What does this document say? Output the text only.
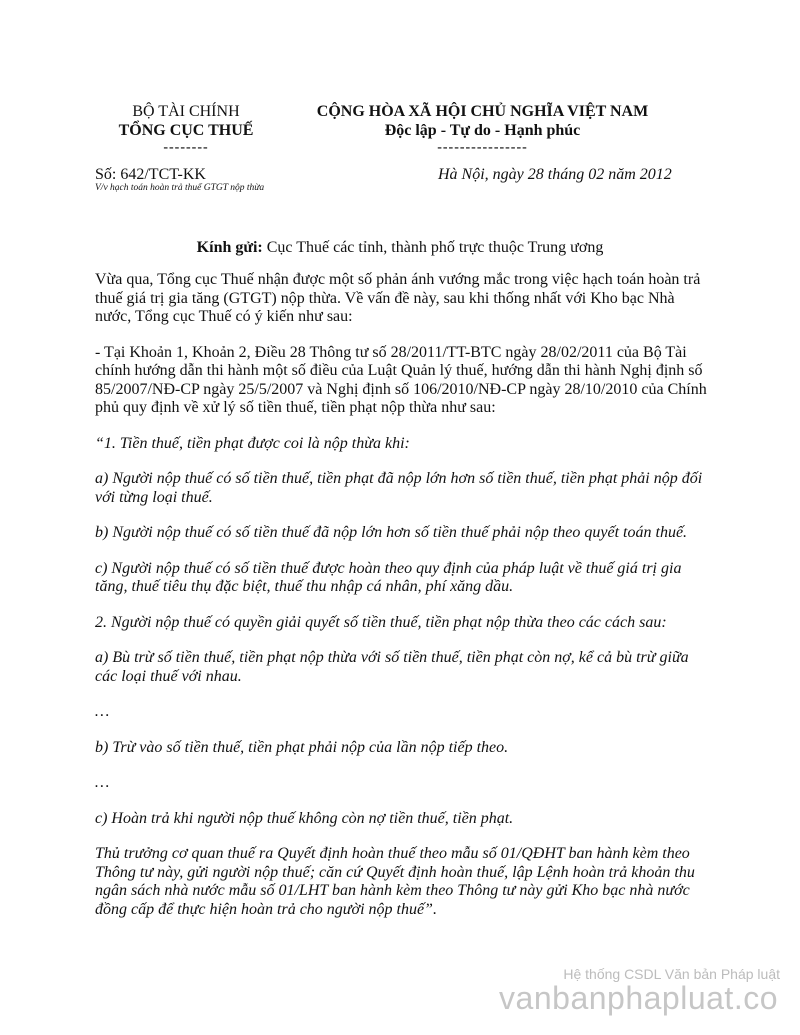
BỘ TÀI CHÍNH
TỔNG CỤC THUẾ
--------
CỘNG HÒA XÃ HỘI CHỦ NGHĨA VIỆT NAM
Độc lập - Tự do - Hạnh phúc
----------------
Số: 642/TCT-KK
V/v hạch toán hoàn trả thuế GTGT nộp thừa
Hà Nội, ngày 28 tháng 02 năm 2012
Kính gửi: Cục Thuế các tỉnh, thành phố trực thuộc Trung ương

Vừa qua, Tổng cục Thuế nhận được một số phản ánh vướng mắc trong việc hạch toán hoàn trả thuế giá trị gia tăng (GTGT) nộp thừa. Về vấn đề này, sau khi thống nhất với Kho bạc Nhà nước, Tổng cục Thuế có ý kiến như sau:

- Tại Khoản 1, Khoản 2, Điều 28 Thông tư số 28/2011/TT-BTC ngày 28/02/2011 của Bộ Tài chính hướng dẫn thi hành một số điều của Luật Quản lý thuế, hướng dẫn thi hành Nghị định số 85/2007/NĐ-CP ngày 25/5/2007 và Nghị định số 106/2010/NĐ-CP ngày 28/10/2010 của Chính phủ quy định về xử lý số tiền thuế, tiền phạt nộp thừa như sau:

“1. Tiền thuế, tiền phạt được coi là nộp thừa khi:

a) Người nộp thuế có số tiền thuế, tiền phạt đã nộp lớn hơn số tiền thuế, tiền phạt phải nộp đối với từng loại thuế.

b) Người nộp thuế có số tiền thuế đã nộp lớn hơn số tiền thuế phải nộp theo quyết toán thuế.

c) Người nộp thuế có số tiền thuế được hoàn theo quy định của pháp luật về thuế giá trị gia tăng, thuế tiêu thụ đặc biệt, thuế thu nhập cá nhân, phí xăng dầu.

2. Người nộp thuế có quyền giải quyết số tiền thuế, tiền phạt nộp thừa theo các cách sau:

a) Bù trừ số tiền thuế, tiền phạt nộp thừa với số tiền thuế, tiền phạt còn nợ, kể cả bù trừ giữa các loại thuế với nhau.

…

b) Trừ vào số tiền thuế, tiền phạt phải nộp của lần nộp tiếp theo.

…

c) Hoàn trả khi người nộp thuế không còn nợ tiền thuế, tiền phạt.

Thủ trưởng cơ quan thuế ra Quyết định hoàn thuế theo mẫu số 01/QĐHT ban hành kèm theo Thông tư này, gửi người nộp thuế; căn cứ Quyết định hoàn thuế, lập Lệnh hoàn trả khoản thu ngân sách nhà nước mẫu số 01/LHT ban hành kèm theo Thông tư này gửi Kho bạc nhà nước đồng cấp để thực hiện hoàn trả cho người nộp thuế”.

Hệ thống CSDL Văn bản Pháp luật
vanbanphapluat.co
